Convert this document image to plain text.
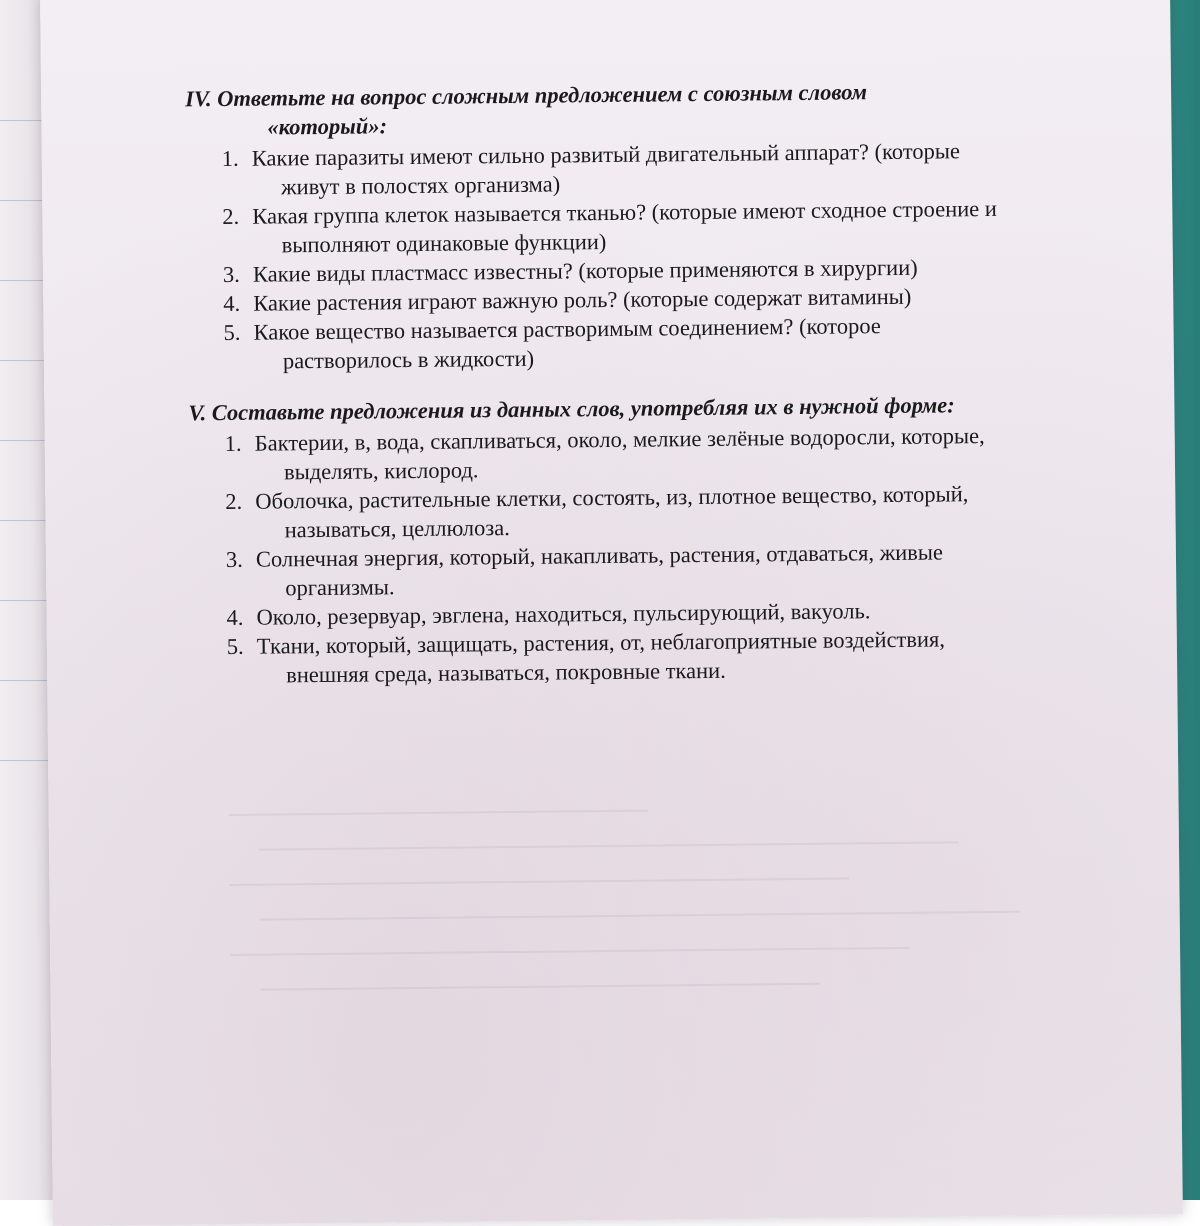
IV. Ответьте на вопрос сложным предложением с союзным словом
«который»:
1. Какие паразиты имеют сильно развитый двигательный аппарат? (которые
живут в полостях организма)
2. Какая группа клеток называется тканью? (которые имеют сходное строение и
выполняют одинаковые функции)
3. Какие виды пластмасс известны? (которые применяются в хирургии)
4. Какие растения играют важную роль? (которые содержат витамины)
5. Какое вещество называется растворимым соединением? (которое
растворилось в жидкости)
V. Составьте предложения из данных слов, употребляя их в нужной форме:
1. Бактерии, в, вода, скапливаться, около, мелкие зелёные водоросли, которые,
выделять, кислород.
2. Оболочка, растительные клетки, состоять, из, плотное вещество, который,
называться, целлюлоза.
3. Солнечная энергия, который, накапливать, растения, отдаваться, живые
организмы.
4. Около, резервуар, эвглена, находиться, пульсирующий, вакуоль.
5. Ткани, который, защищать, растения, от, неблагоприятные воздействия,
внешняя среда, называться, покровные ткани.
